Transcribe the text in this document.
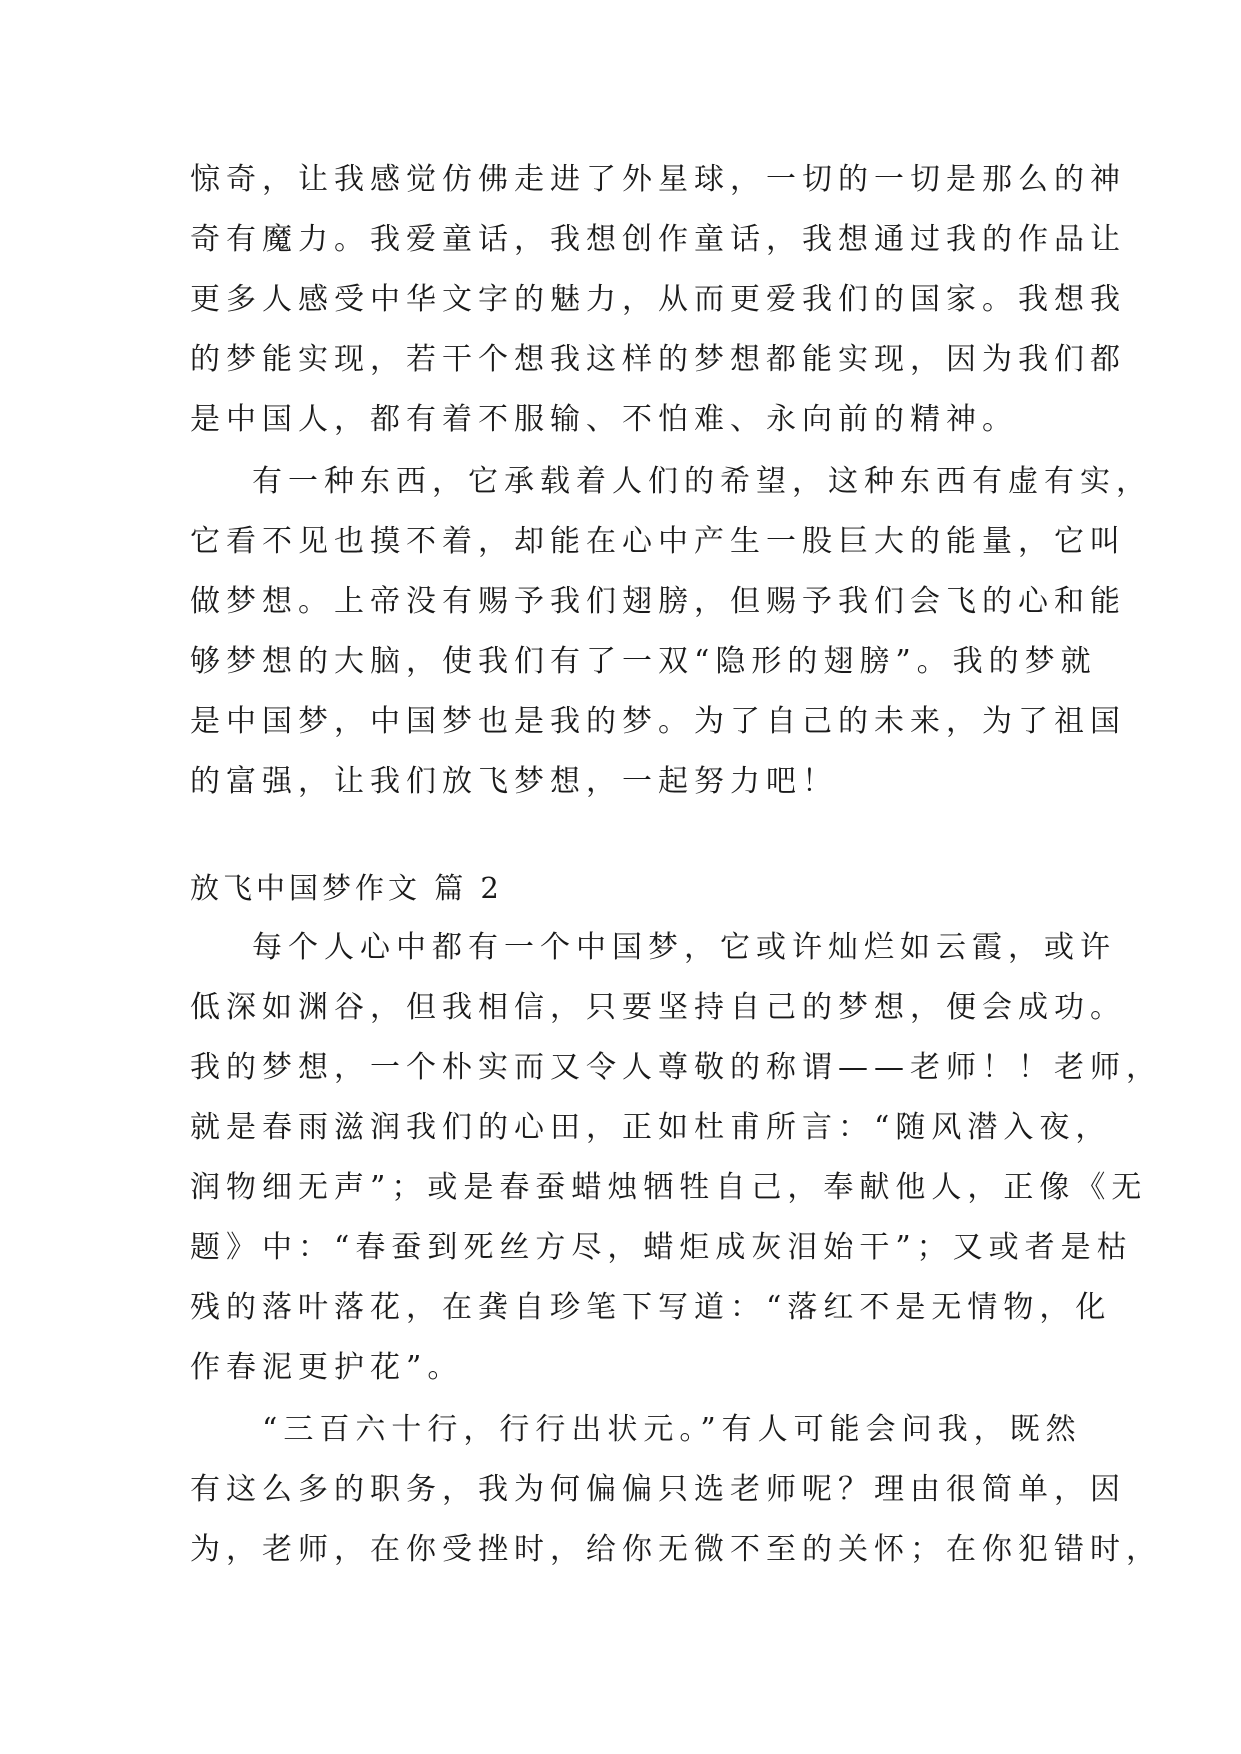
惊奇，让我感觉仿佛走进了外星球，一切的一切是那么的神
奇有魔力。我爱童话，我想创作童话，我想通过我的作品让
更多人感受中华文字的魅力，从而更爱我们的国家。我想我
的梦能实现，若干个想我这样的梦想都能实现，因为我们都
是中国人，都有着不服输、不怕难、永向前的精神。
有一种东西，它承载着人们的希望，这种东西有虚有实，
它看不见也摸不着，却能在心中产生一股巨大的能量，它叫
做梦想。上帝没有赐予我们翅膀，但赐予我们会飞的心和能
够梦想的大脑，使我们有了一双“隐形的翅膀”。我的梦就
是中国梦，中国梦也是我的梦。为了自己的未来，为了祖国
的富强，让我们放飞梦想，一起努力吧！
放飞中国梦作文 篇 2
每个人心中都有一个中国梦，它或许灿烂如云霞，或许
低深如渊谷，但我相信，只要坚持自己的梦想，便会成功。
我的梦想，一个朴实而又令人尊敬的称谓——老师！！老师，
就是春雨滋润我们的心田，正如杜甫所言：“随风潜入夜，
润物细无声”；或是春蚕蜡烛牺牲自己，奉献他人，正像《无
题》中：“春蚕到死丝方尽，蜡炬成灰泪始干”；又或者是枯
残的落叶落花，在龚自珍笔下写道：“落红不是无情物，化
作春泥更护花”。
“三百六十行，行行出状元。”有人可能会问我，既然
有这么多的职务，我为何偏偏只选老师呢？理由很简单，因
为，老师，在你受挫时，给你无微不至的关怀；在你犯错时，
